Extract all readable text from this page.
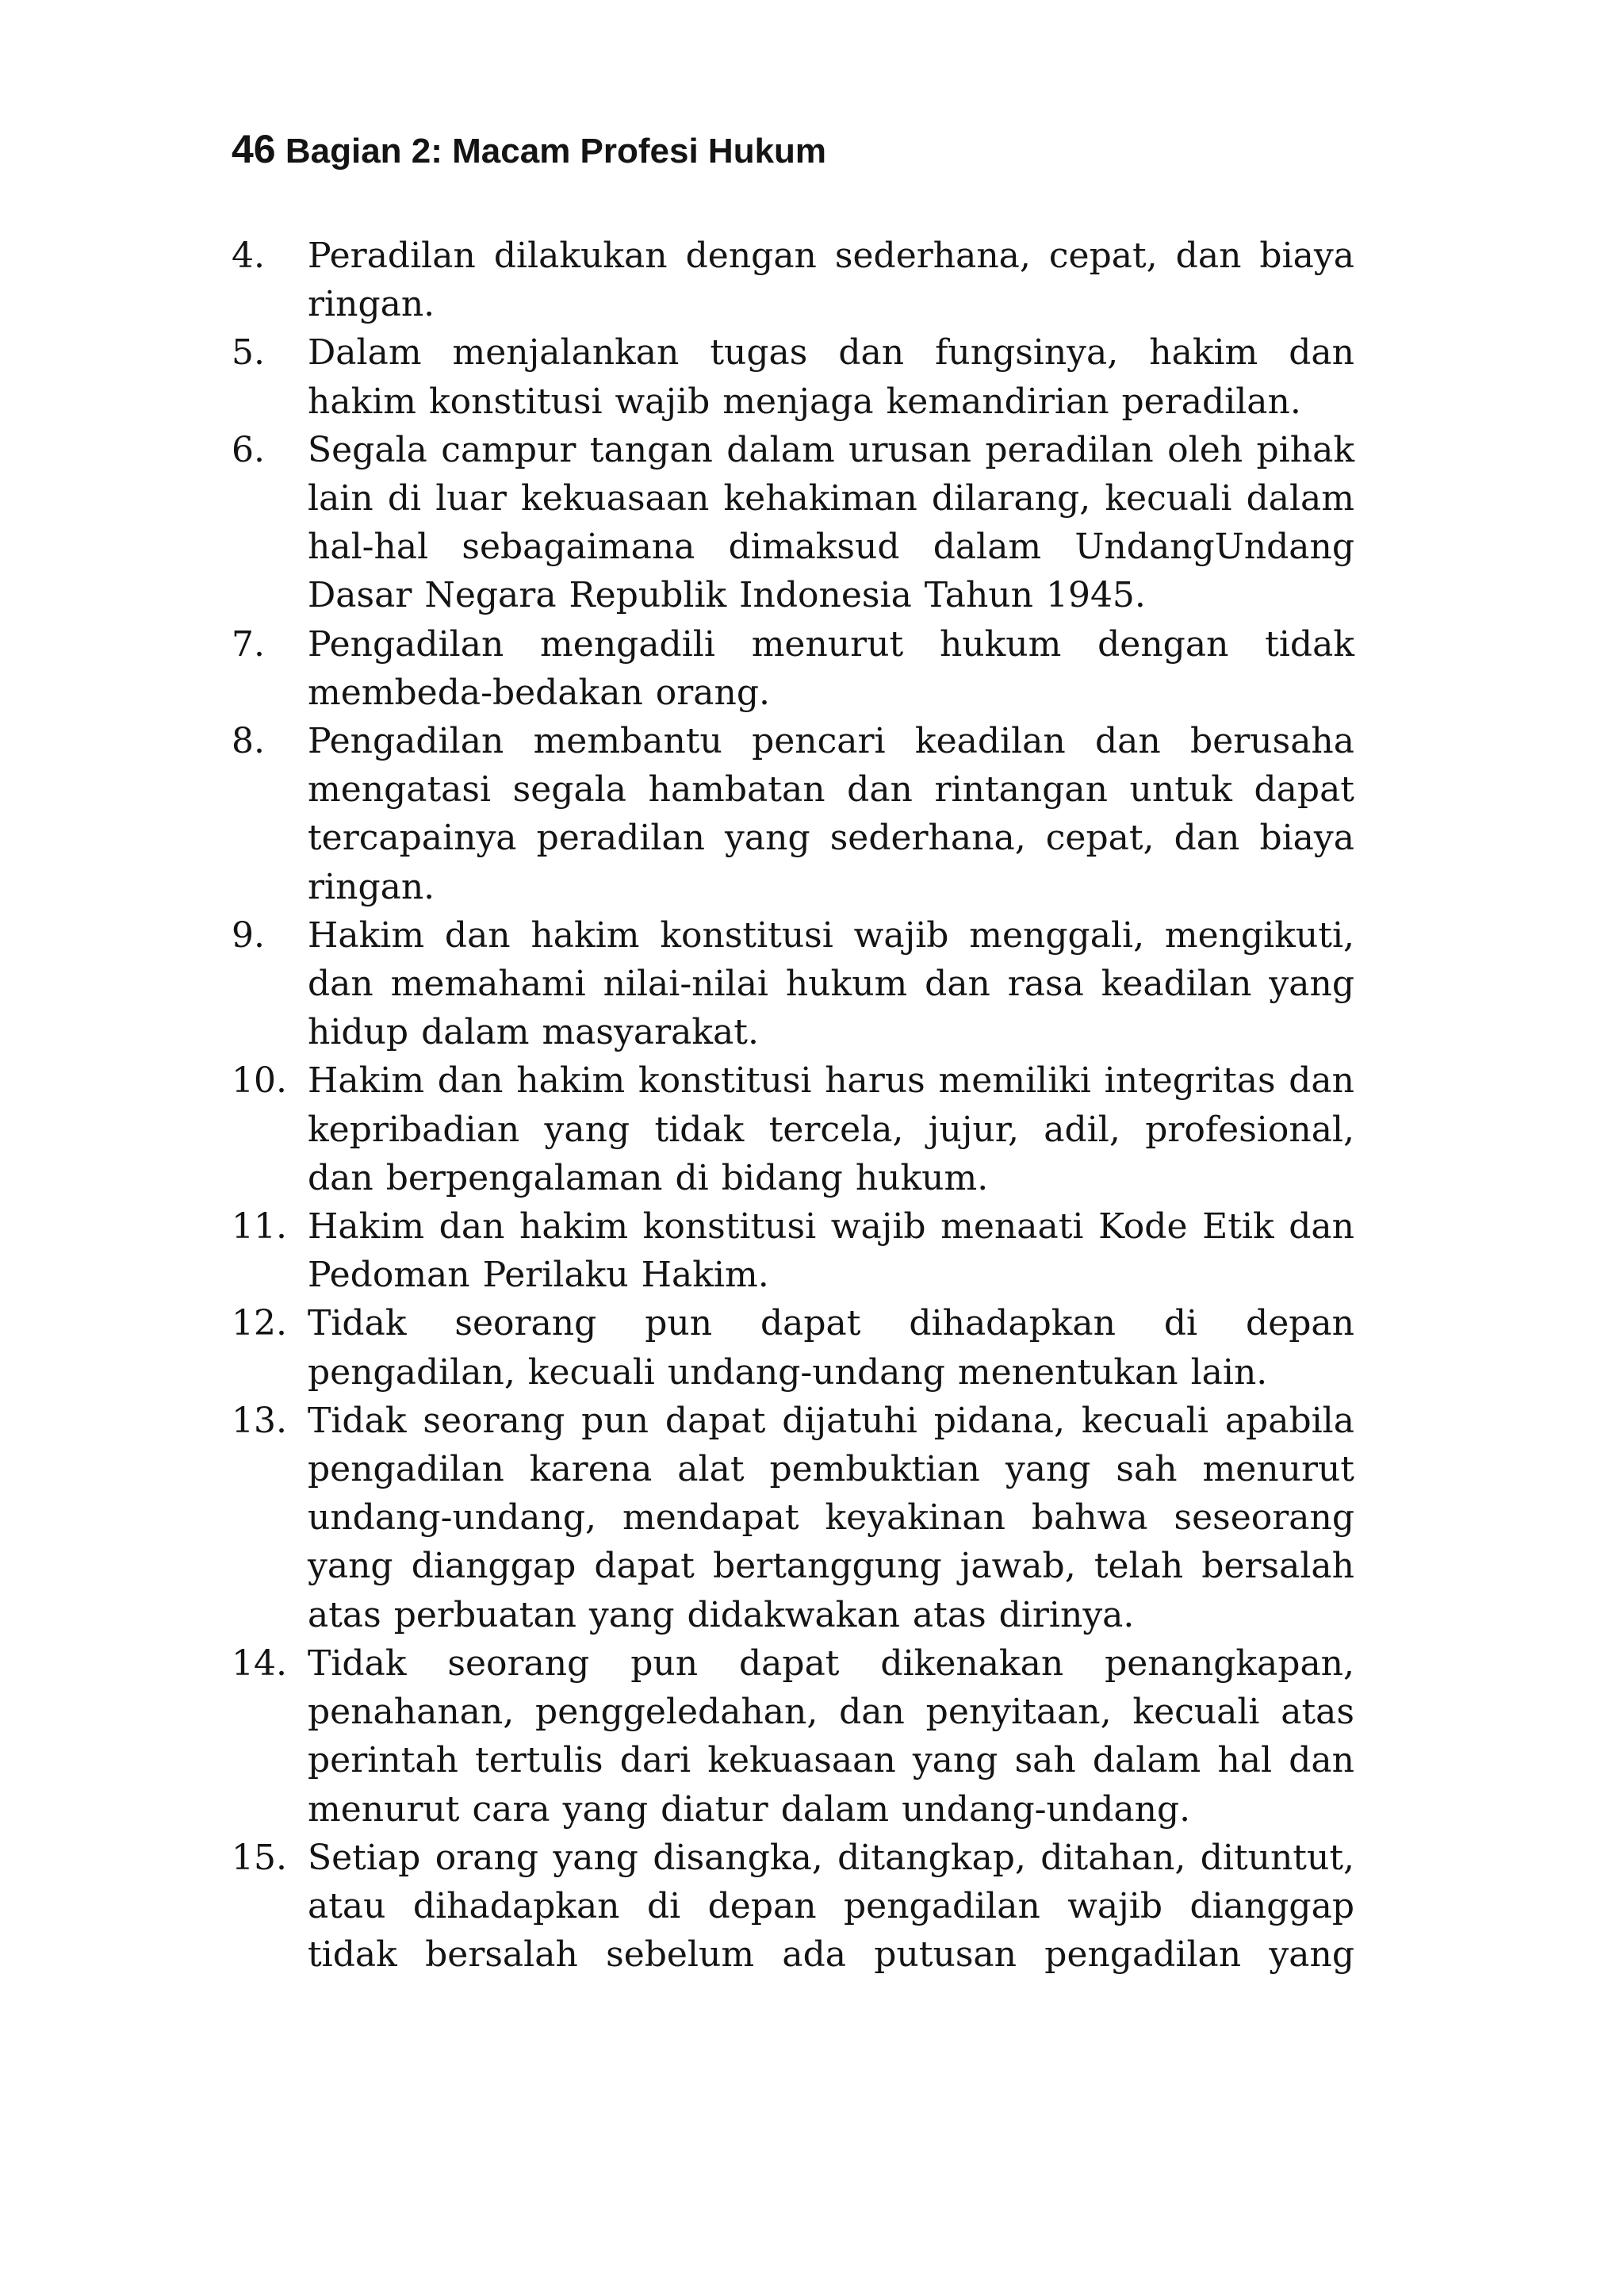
46 Bagian 2: Macam Profesi Hukum
4.	Peradilan dilakukan dengan sederhana, cepat, dan biaya ringan.
5.	Dalam menjalankan tugas dan fungsinya, hakim dan hakim konstitusi wajib menjaga kemandirian peradilan.
6.	Segala campur tangan dalam urusan peradilan oleh pihak lain di luar kekuasaan kehakiman dilarang, kecuali dalam hal-hal sebagaimana dimaksud dalam UndangUndang Dasar Negara Republik Indonesia Tahun 1945.
7.	Pengadilan mengadili menurut hukum dengan tidak membeda-bedakan orang.
8.	Pengadilan membantu pencari keadilan dan berusaha mengatasi segala hambatan dan rintangan untuk dapat tercapainya peradilan yang sederhana, cepat, dan biaya ringan.
9.	Hakim dan hakim konstitusi wajib menggali, mengikuti, dan memahami nilai-nilai hukum dan rasa keadilan yang hidup dalam masyarakat.
10. Hakim dan hakim konstitusi harus memiliki integritas dan kepribadian yang tidak tercela, jujur, adil, profesional, dan berpengalaman di bidang hukum.
11. Hakim dan hakim konstitusi wajib menaati Kode Etik dan Pedoman Perilaku Hakim.
12. Tidak seorang pun dapat dihadapkan di depan pengadilan, kecuali undang-undang menentukan lain.
13. Tidak seorang pun dapat dijatuhi pidana, kecuali apabila pengadilan karena alat pembuktian yang sah menurut undang-undang, mendapat keyakinan bahwa seseorang yang dianggap dapat bertanggung jawab, telah bersalah atas perbuatan yang didakwakan atas dirinya.
14. Tidak seorang pun dapat dikenakan penangkapan, penahanan, penggeledahan, dan penyitaan, kecuali atas perintah tertulis dari kekuasaan yang sah dalam hal dan menurut cara yang diatur dalam undang-undang.
15. Setiap orang yang disangka, ditangkap, ditahan, dituntut, atau dihadapkan di depan pengadilan wajib dianggap tidak bersalah sebelum ada putusan pengadilan yang
